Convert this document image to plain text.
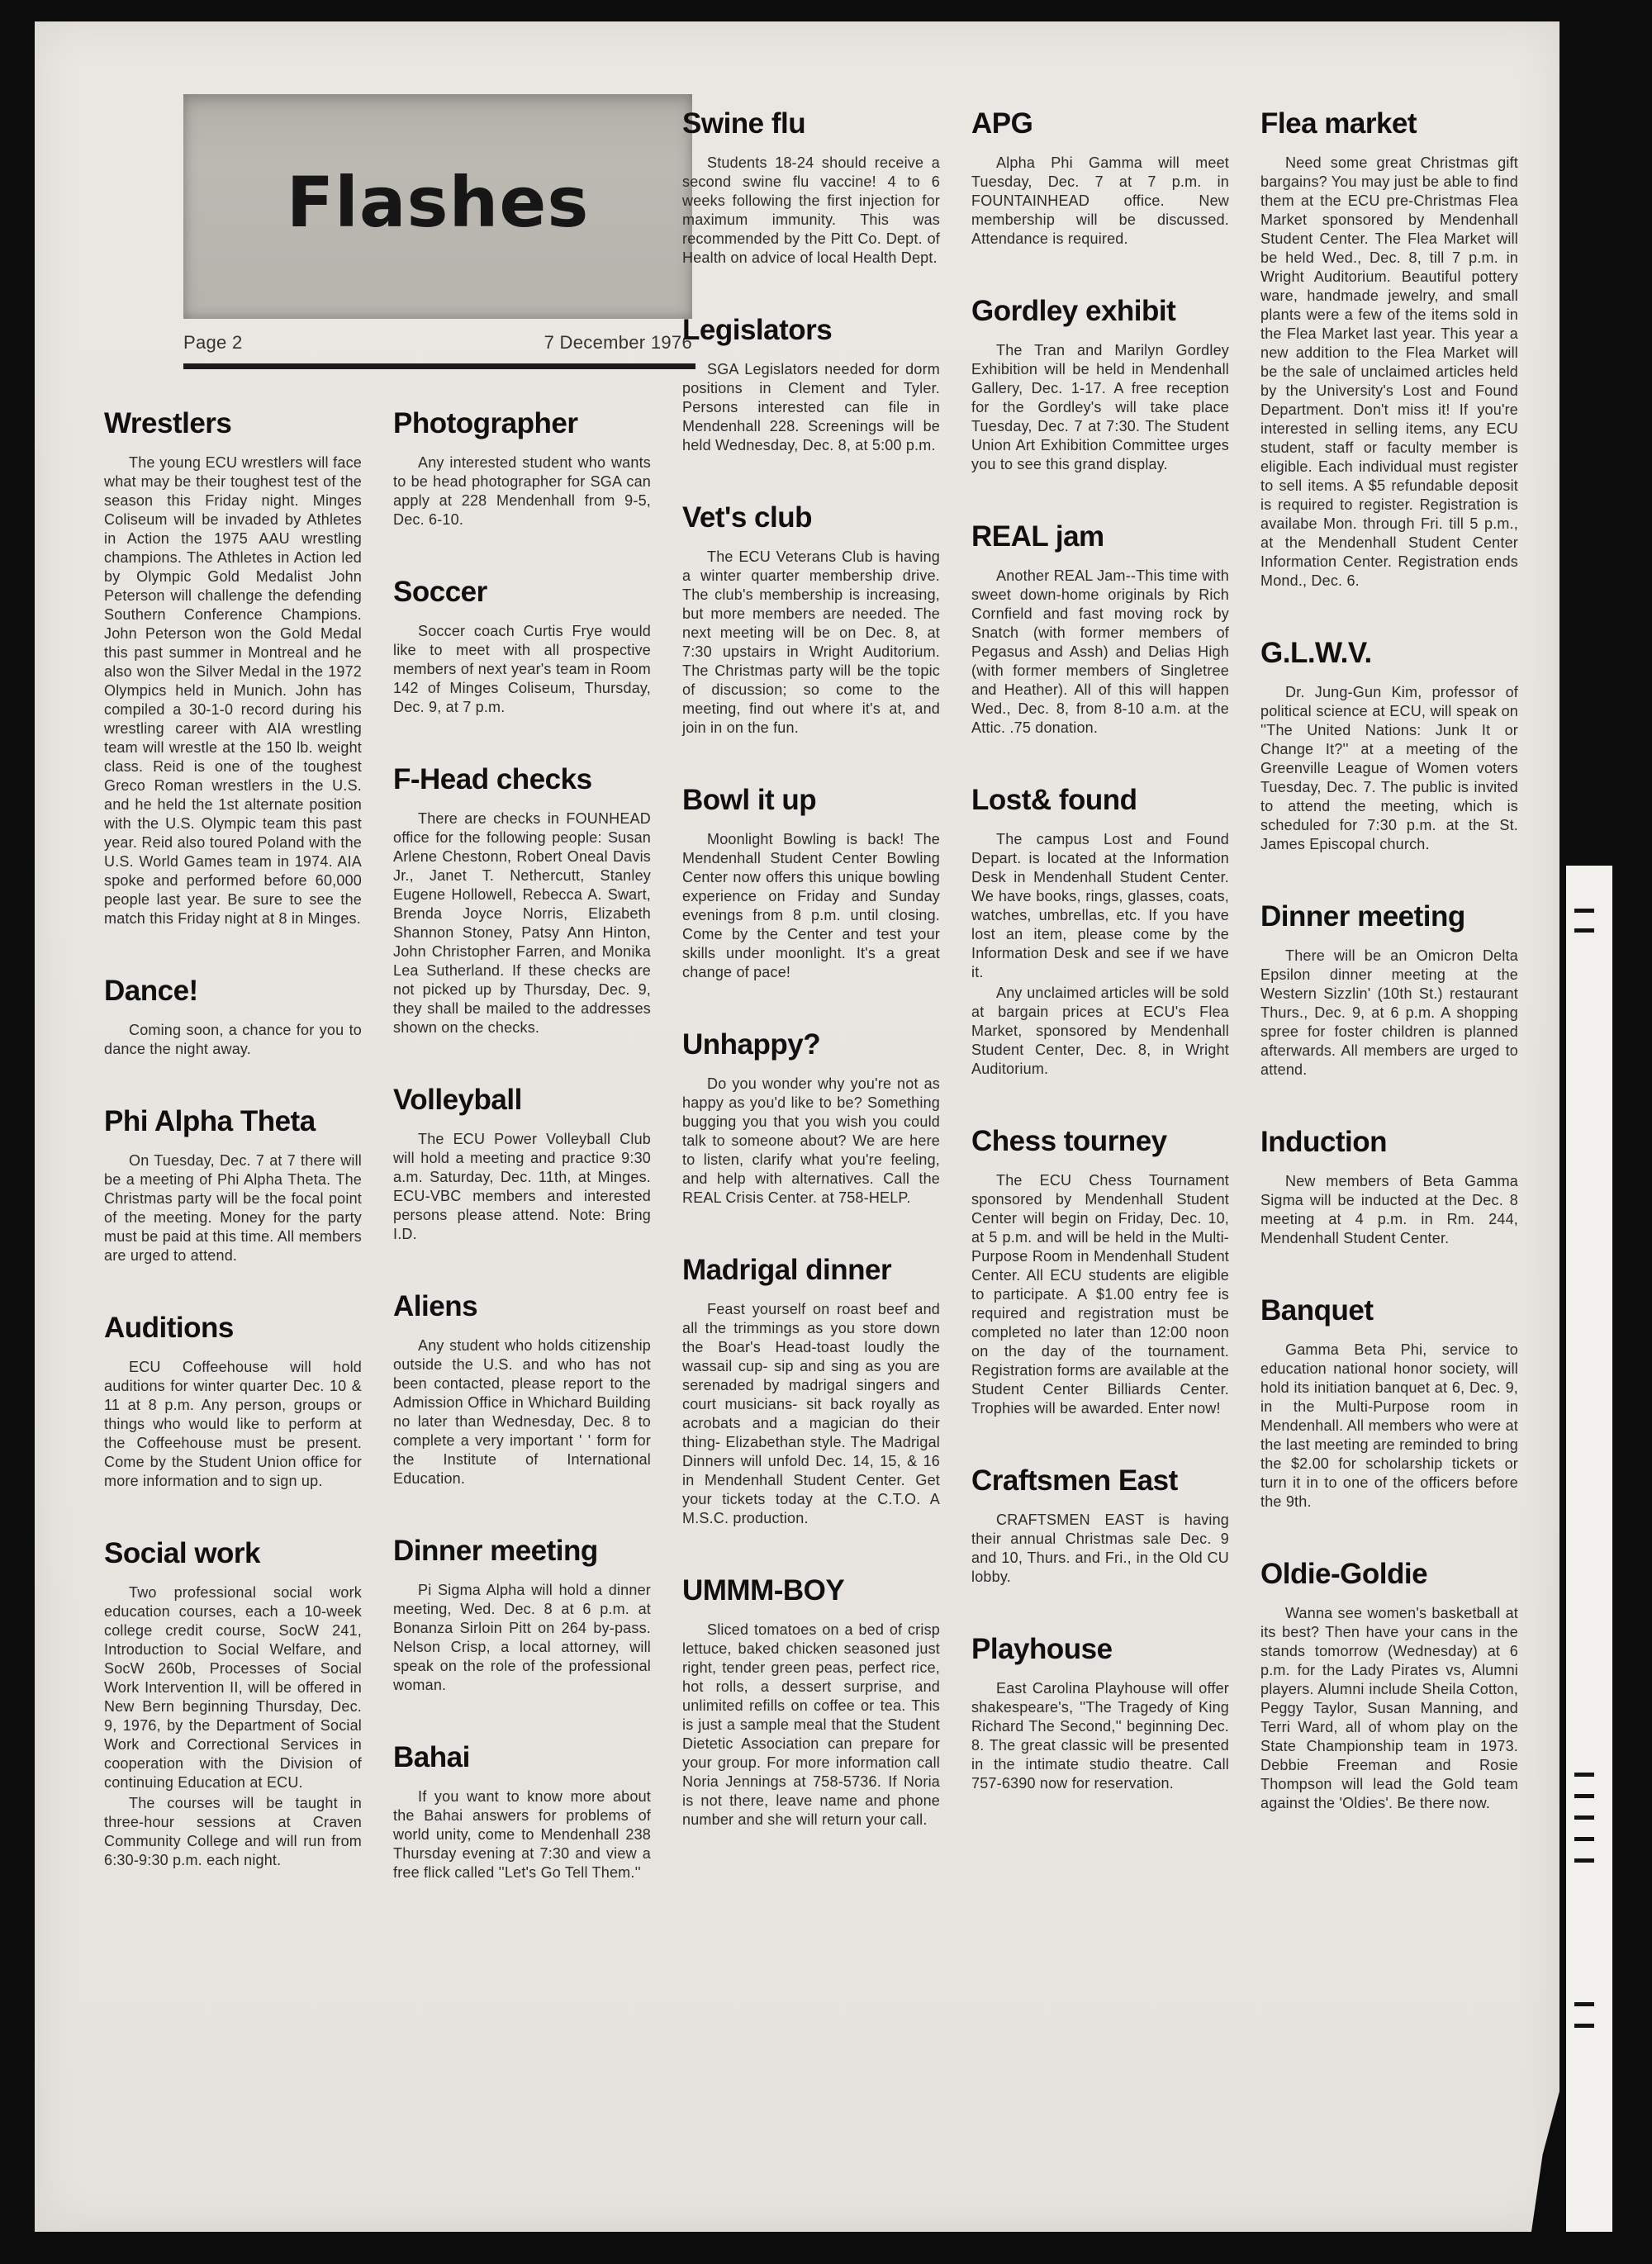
Flashes
Page 2	7 December 1976
Wrestlers

The young ECU wrestlers will face what may be their toughest test of the season this Friday night. Minges Coliseum will be invaded by Athletes in Action the 1975 AAU wrestling champions. The Athletes in Action led by Olympic Gold Medalist John Peterson will challenge the defending Southern Conference Champions. John Peterson won the Gold Medal this past summer in Montreal and he also won the Silver Medal in the 1972 Olympics held in Munich. John has compiled a 30-1-0 record during his wrestling career with AIA wrestling team will wrestle at the 150 lb. weight class. Reid is one of the toughest Greco Roman wrestlers in the U.S. and he held the 1st alternate position with the U.S. Olympic team this past year. Reid also toured Poland with the U.S. World Games team in 1974. AIA spoke and performed before 60,000 people last year. Be sure to see the match this Friday night at 8 in Minges.

Dance!

Coming soon, a chance for you to dance the night away.

Phi Alpha Theta

On Tuesday, Dec. 7 at 7 there will be a meeting of Phi Alpha Theta. The Christmas party will be the focal point of the meeting. Money for the party must be paid at this time. All members are urged to attend.

Auditions

ECU Coffeehouse will hold auditions for winter quarter Dec. 10 & 11 at 8 p.m. Any person, groups or things who would like to perform at the Coffeehouse must be present. Come by the Student Union office for more information and to sign up.

Social work

Two professional social work education courses, each a 10-week college credit course, SocW 241, Introduction to Social Welfare, and SocW 260b, Processes of Social Work Intervention II, will be offered in New Bern beginning Thursday, Dec. 9, 1976, by the Department of Social Work and Correctional Services in cooperation with the Division of continuing Education at ECU.

The courses will be taught in three-hour sessions at Craven Community College and will run from 6:30-9:30 p.m. each night.

Photographer

Any interested student who wants to be head photographer for SGA can apply at 228 Mendenhall from 9-5, Dec. 6-10.

Soccer

Soccer coach Curtis Frye would like to meet with all prospective members of next year's team in Room 142 of Minges Coliseum, Thursday, Dec. 9, at 7 p.m.

F-Head checks

There are checks in FOUNHEAD office for the following people: Susan Arlene Chestonn, Robert Oneal Davis Jr., Janet T. Nethercutt, Stanley Eugene Hollowell, Rebecca A. Swart, Brenda Joyce Norris, Elizabeth Shannon Stoney, Patsy Ann Hinton, John Christopher Farren, and Monika Lea Sutherland. If these checks are not picked up by Thursday, Dec. 9, they shall be mailed to the addresses shown on the checks.

Volleyball

The ECU Power Volleyball Club will hold a meeting and practice 9:30 a.m. Saturday, Dec. 11th, at Minges. ECU-VBC members and interested persons please attend. Note: Bring I.D.

Aliens

Any student who holds citizenship outside the U.S. and who has not been contacted, please report to the Admission Office in Whichard Building no later than Wednesday, Dec. 8 to complete a very important ' ' form for the Institute of International Education.

Dinner meeting

Pi Sigma Alpha will hold a dinner meeting, Wed. Dec. 8 at 6 p.m. at Bonanza Sirloin Pitt on 264 by-pass. Nelson Crisp, a local attorney, will speak on the role of the professional woman.

Bahai

If you want to know more about the Bahai answers for problems of world unity, come to Mendenhall 238 Thursday evening at 7:30 and view a free flick called ''Let's Go Tell Them.''

Swine flu

Students 18-24 should receive a second swine flu vaccine! 4 to 6 weeks following the first injection for maximum immunity. This was recommended by the Pitt Co. Dept. of Health on advice of local Health Dept.

Legislators

SGA Legislators needed for dorm positions in Clement and Tyler. Persons interested can file in Mendenhall 228. Screenings will be held Wednesday, Dec. 8, at 5:00 p.m.

Vet's club

The ECU Veterans Club is having a winter quarter membership drive. The club's membership is increasing, but more members are needed. The next meeting will be on Dec. 8, at 7:30 upstairs in Wright Auditorium. The Christmas party will be the topic of discussion; so come to the meeting, find out where it's at, and join in on the fun.

Bowl it up

Moonlight Bowling is back! The Mendenhall Student Center Bowling Center now offers this unique bowling experience on Friday and Sunday evenings from 8 p.m. until closing. Come by the Center and test your skills under moonlight. It's a great change of pace!

Unhappy?

Do you wonder why you're not as happy as you'd like to be? Something bugging you that you wish you could talk to someone about? We are here to listen, clarify what you're feeling, and help with alternatives. Call the REAL Crisis Center. at 758-HELP.

Madrigal dinner

Feast yourself on roast beef and all the trimmings as you store down the Boar's Head-toast loudly the wassail cup- sip and sing as you are serenaded by madrigal singers and court musicians- sit back royally as acrobats and a magician do their thing- Elizabethan style. The Madrigal Dinners will unfold Dec. 14, 15, & 16 in Mendenhall Student Center. Get your tickets today at the C.T.O. A M.S.C. production.

UMMM-BOY

Sliced tomatoes on a bed of crisp lettuce, baked chicken seasoned just right, tender green peas, perfect rice, hot rolls, a dessert surprise, and unlimited refills on coffee or tea. This is just a sample meal that the Student Dietetic Association can prepare for your group. For more information call Noria Jennings at 758-5736. If Noria is not there, leave name and phone number and she will return your call.

APG

Alpha Phi Gamma will meet Tuesday, Dec. 7 at 7 p.m. in FOUNTAINHEAD office. New membership will be discussed. Attendance is required.

Gordley exhibit

The Tran and Marilyn Gordley Exhibition will be held in Mendenhall Gallery, Dec. 1-17. A free reception for the Gordley's will take place Tuesday, Dec. 7 at 7:30. The Student Union Art Exhibition Committee urges you to see this grand display.

REAL jam

Another REAL Jam--This time with sweet down-home originals by Rich Cornfield and fast moving rock by Snatch (with former members of Pegasus and Assh) and Delias High (with former members of Singletree and Heather). All of this will happen Wed., Dec. 8, from 8-10 a.m. at the Attic. .75 donation.

Lost& found

The campus Lost and Found Depart. is located at the Information Desk in Mendenhall Student Center. We have books, rings, glasses, coats, watches, umbrellas, etc. If you have lost an item, please come by the Information Desk and see if we have it.

Any unclaimed articles will be sold at bargain prices at ECU's Flea Market, sponsored by Mendenhall Student Center, Dec. 8, in Wright Auditorium.

Chess tourney

The ECU Chess Tournament sponsored by Mendenhall Student Center will begin on Friday, Dec. 10, at 5 p.m. and will be held in the Multi-Purpose Room in Mendenhall Student Center. All ECU students are eligible to participate. A $1.00 entry fee is required and registration must be completed no later than 12:00 noon on the day of the tournament. Registration forms are available at the Student Center Billiards Center. Trophies will be awarded. Enter now!

Craftsmen East

CRAFTSMEN EAST is having their annual Christmas sale Dec. 9 and 10, Thurs. and Fri., in the Old CU lobby.

Playhouse

East Carolina Playhouse will offer shakespeare's, ''The Tragedy of King Richard The Second,'' beginning Dec. 8. The great classic will be presented in the intimate studio theatre. Call 757-6390 now for reservation.

Flea market

Need some great Christmas gift bargains? You may just be able to find them at the ECU pre-Christmas Flea Market sponsored by Mendenhall Student Center. The Flea Market will be held Wed., Dec. 8, till 7 p.m. in Wright Auditorium. Beautiful pottery ware, handmade jewelry, and small plants were a few of the items sold in the Flea Market last year. This year a new addition to the Flea Market will be the sale of unclaimed articles held by the University's Lost and Found Department. Don't miss it! If you're interested in selling items, any ECU student, staff or faculty member is eligible. Each individual must register to sell items. A $5 refundable deposit is required to register. Registration is availabe Mon. through Fri. till 5 p.m., at the Mendenhall Student Center Information Center. Registration ends Mond., Dec. 6.

G.L.W.V.

Dr. Jung-Gun Kim, professor of political science at ECU, will speak on ''The United Nations: Junk It or Change It?'' at a meeting of the Greenville League of Women voters Tuesday, Dec. 7. The public is invited to attend the meeting, which is scheduled for 7:30 p.m. at the St. James Episcopal church.

Dinner meeting

There will be an Omicron Delta Epsilon dinner meeting at the Western Sizzlin' (10th St.) restaurant Thurs., Dec. 9, at 6 p.m. A shopping spree for foster children is planned afterwards. All members are urged to attend.

Induction

New members of Beta Gamma Sigma will be inducted at the Dec. 8 meeting at 4 p.m. in Rm. 244, Mendenhall Student Center.

Banquet

Gamma Beta Phi, service to education national honor society, will hold its initiation banquet at 6, Dec. 9, in the Multi-Purpose room in Mendenhall. All members who were at the last meeting are reminded to bring the $2.00 for scholarship tickets or turn it in to one of the officers before the 9th.

Oldie-Goldie

Wanna see women's basketball at its best? Then have your cans in the stands tomorrow (Wednesday) at 6 p.m. for the Lady Pirates vs, Alumni players. Alumni include Sheila Cotton, Peggy Taylor, Susan Manning, and Terri Ward, all of whom play on the State Championship team in 1973. Debbie Freeman and Rosie Thompson will lead the Gold team against the 'Oldies'. Be there now.
